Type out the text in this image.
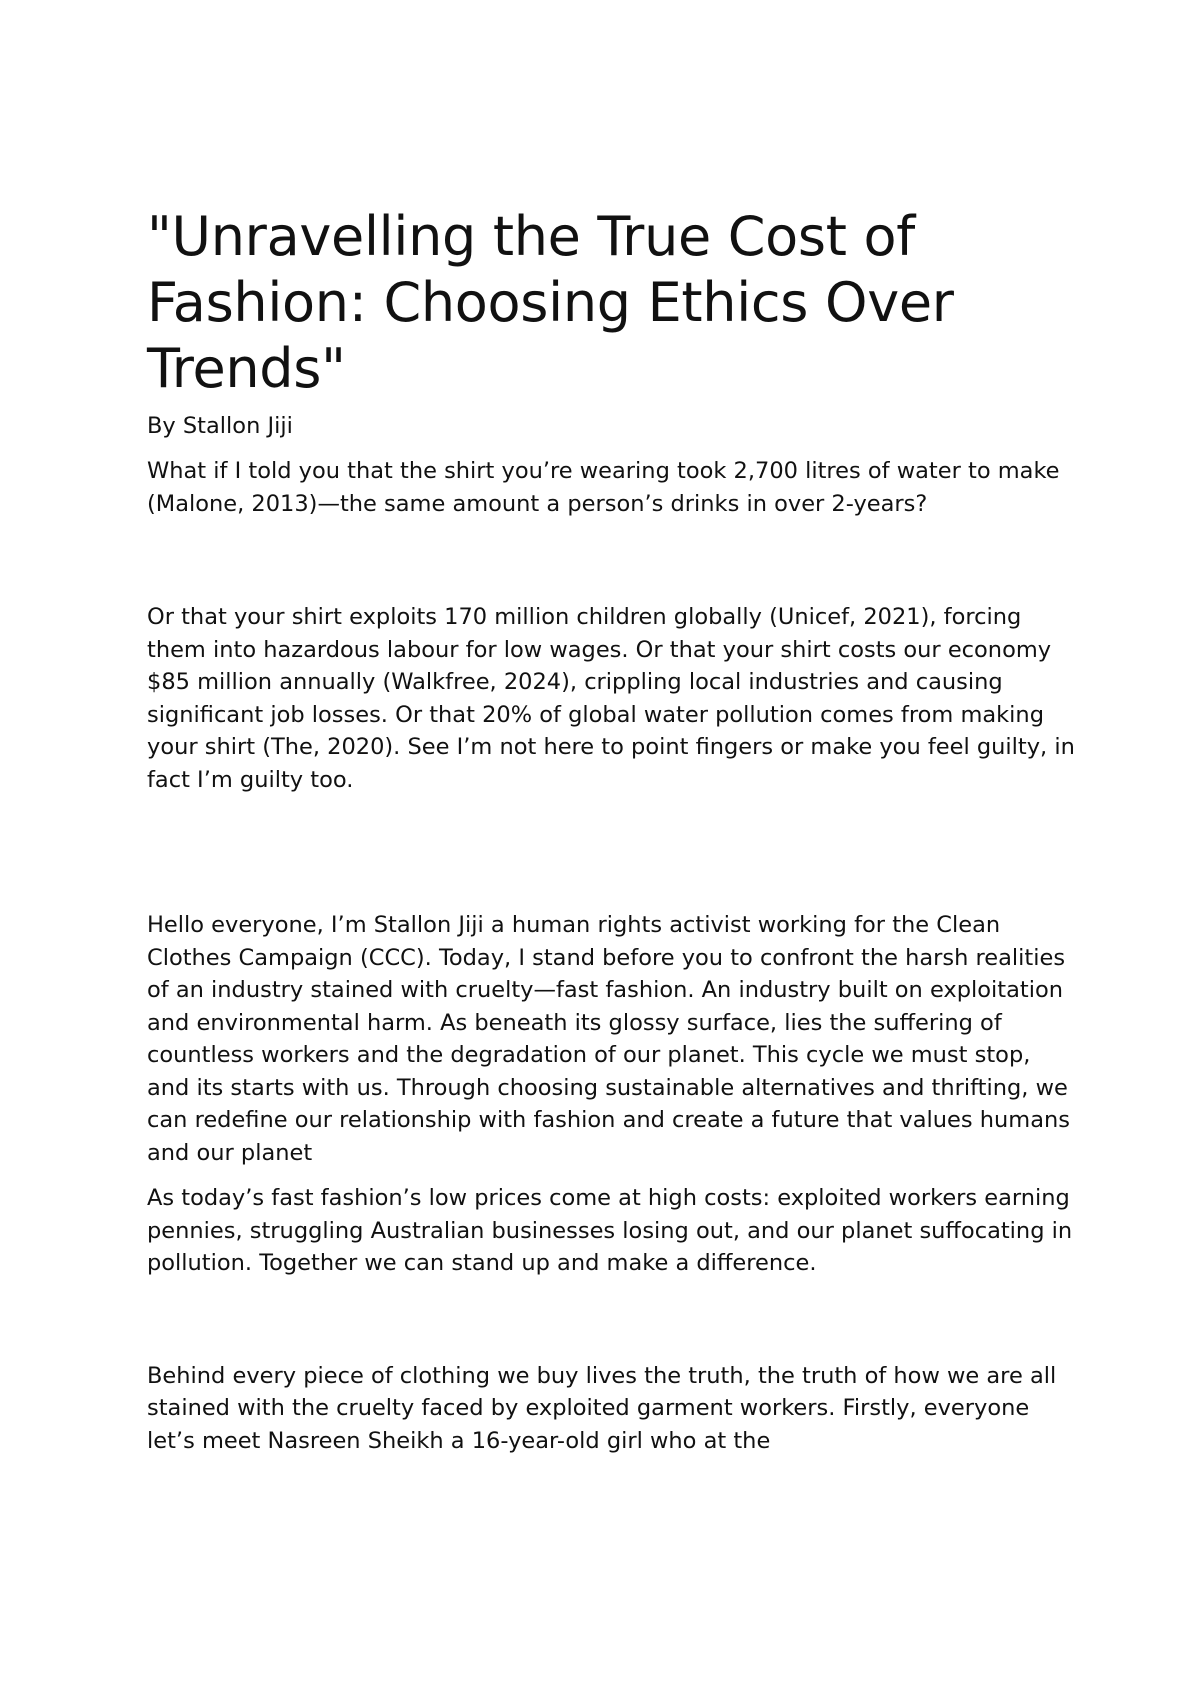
"Unravelling the True Cost of Fashion: Choosing Ethics Over Trends"

By Stallon Jiji

What if I told you that the shirt you’re wearing took 2,700 litres of water to make (Malone, 2013)—the same amount a person’s drinks in over 2-years?

Or that your shirt exploits 170 million children globally (Unicef, 2021), forcing them into hazardous labour for low wages. Or that your shirt costs our economy $85 million annually (Walkfree, 2024), crippling local industries and causing significant job losses. Or that 20% of global water pollution comes from making your shirt (The, 2020). See I’m not here to point fingers or make you feel guilty, in fact I’m guilty too.

Hello everyone, I’m Stallon Jiji a human rights activist working for the Clean Clothes Campaign (CCC). Today, I stand before you to confront the harsh realities of an industry stained with cruelty—fast fashion. An industry built on exploitation and environmental harm. As beneath its glossy surface, lies the suffering of countless workers and the degradation of our planet. This cycle we must stop, and its starts with us. Through choosing sustainable alternatives and thrifting, we can redefine our relationship with fashion and create a future that values humans and our planet

As today’s fast fashion’s low prices come at high costs: exploited workers earning pennies, struggling Australian businesses losing out, and our planet suffocating in pollution. Together we can stand up and make a difference.

Behind every piece of clothing we buy lives the truth, the truth of how we are all stained with the cruelty faced by exploited garment workers. Firstly, everyone let’s meet Nasreen Sheikh a 16-year-old girl who at the
